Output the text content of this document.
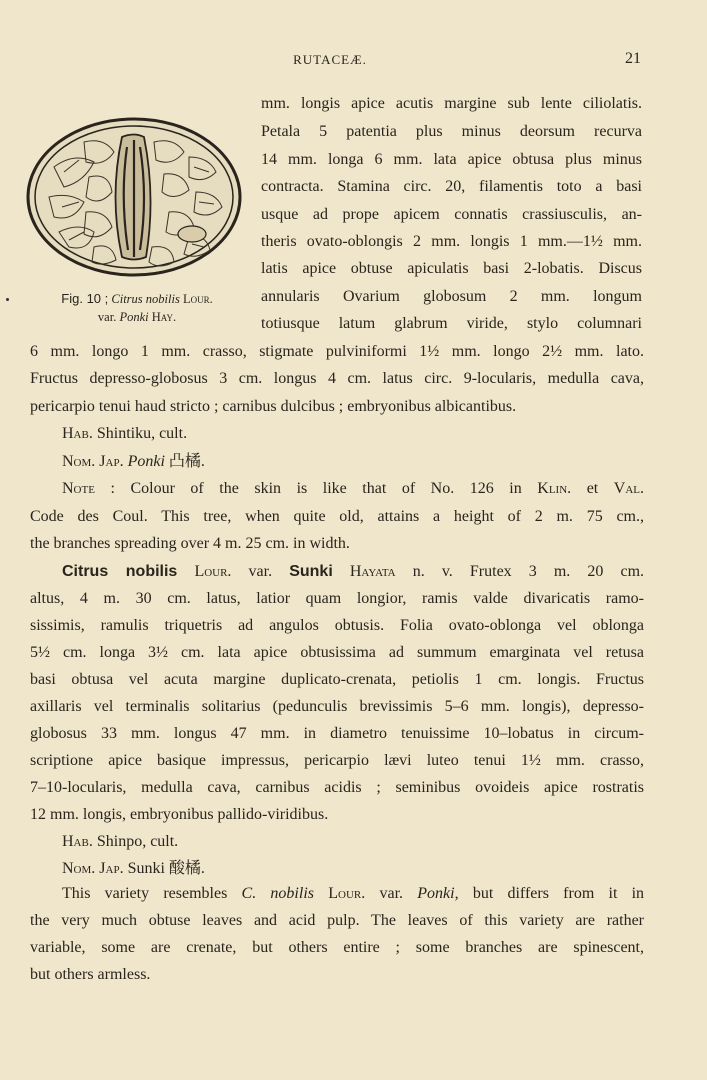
RUTACEÆ.	21
Fig. 10 ; Citrus nobilis Lour.
var. Ponki Hay.
mm. longis apice acutis margine sub lente ciliolatis.
Petala 5 patentia plus minus deorsum recurva
14 mm. longa 6 mm. lata apice obtusa plus minus
contracta. Stamina circ. 20, filamentis toto a basi
usque ad prope apicem connatis crassiusculis, an-
theris ovato-oblongis 2 mm. longis 1 mm.—1½ mm.
latis apice obtuse apiculatis basi 2-lobatis. Discus
annularis Ovarium globosum 2 mm. longum
totiusque latum glabrum viride, stylo columnari
6 mm. longo 1 mm. crasso, stigmate pulviniformi 1½ mm. longo 2½ mm. lato.
Fructus depresso-globosus 3 cm. longus 4 cm. latus circ. 9-locularis, medulla cava,
pericarpio tenui haud stricto ; carnibus dulcibus ; embryonibus albicantibus.
Hab. Shintiku, cult.
Nom. Jap. Ponki 凸橘.
Note : Colour of the skin is like that of No. 126 in Klin. et Val.
Code des Coul. This tree, when quite old, attains a height of 2 m. 75 cm.,
the branches spreading over 4 m. 25 cm. in width.
Citrus nobilis Lour. var. Sunki Hayata n. v. Frutex 3 m. 20 cm.
altus, 4 m. 30 cm. latus, latior quam longior, ramis valde divaricatis ramo-
sissimis, ramulis triquetris ad angulos obtusis. Folia ovato-oblonga vel oblonga
5½ cm. longa 3½ cm. lata apice obtusissima ad summum emarginata vel retusa
basi obtusa vel acuta margine duplicato-crenata, petiolis 1 cm. longis. Fructus
axillaris vel terminalis solitarius (pedunculis brevissimis 5–6 mm. longis), depresso-
globosus 33 mm. longus 47 mm. in diametro tenuissime 10–lobatus in circum-
scriptione apice basique impressus, pericarpio lævi luteo tenui 1½ mm. crasso,
7–10-locularis, medulla cava, carnibus acidis ; seminibus ovoideis apice rostratis
12 mm. longis, embryonibus pallido-viridibus.
Hab. Shinpo, cult.
Nom. Jap. Sunki 酸橘.
This variety resembles C. nobilis Lour. var. Ponki, but differs from it in
the very much obtuse leaves and acid pulp. The leaves of this variety are rather
variable, some are crenate, but others entire ; some branches are spinescent,
but others armless.
